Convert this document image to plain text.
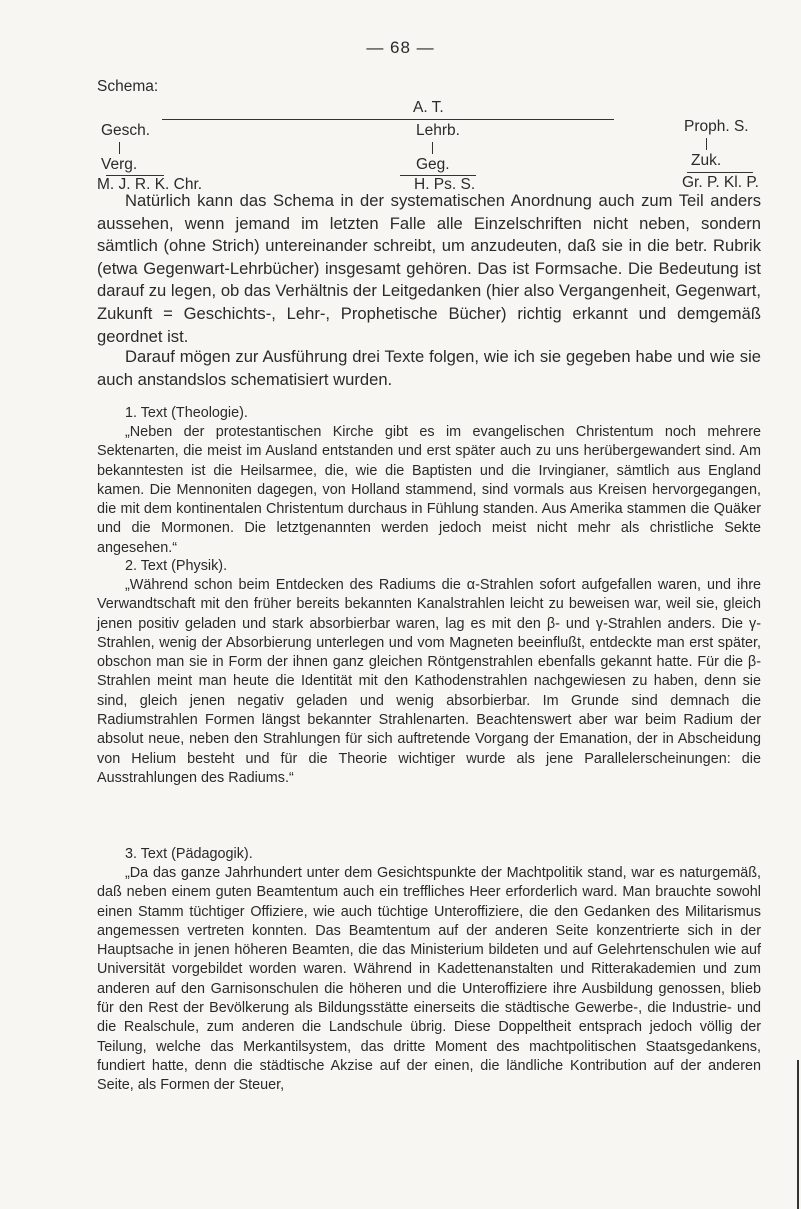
— 68 —
Schema:
A. T.
Gesch.
Verg.
M. J. R. K. Chr.
Lehrb.
Geg.
H. Ps. S.
Proph. S.
Zuk.
Gr. P. Kl. P.

Natürlich kann das Schema in der systematischen Anordnung auch zum Teil anders aussehen, wenn jemand im letzten Falle alle Einzelschriften nicht neben, sondern sämtlich (ohne Strich) untereinander schreibt, um anzudeuten, daß sie in die betr. Rubrik (etwa Gegenwart-Lehrbücher) insgesamt gehören. Das ist Formsache. Die Bedeutung ist darauf zu legen, ob das Verhältnis der Leitgedanken (hier also Vergangenheit, Gegenwart, Zukunft = Geschichts-, Lehr-, Prophetische Bücher) richtig erkannt und demgemäß geordnet ist.

Darauf mögen zur Ausführung drei Texte folgen, wie ich sie gegeben habe und wie sie auch anstandslos schematisiert wurden.

1. Text (Theologie).

„Neben der protestantischen Kirche gibt es im evangelischen Christentum noch mehrere Sektenarten, die meist im Ausland entstanden und erst später auch zu uns herübergewandert sind. Am bekanntesten ist die Heilsarmee, die, wie die Baptisten und die Irvingianer, sämtlich aus England kamen. Die Mennoniten dagegen, von Holland stammend, sind vormals aus Kreisen hervorgegangen, die mit dem kontinentalen Christentum durchaus in Fühlung standen. Aus Amerika stammen die Quäker und die Mormonen. Die letztgenannten werden jedoch meist nicht mehr als christliche Sekte angesehen.“

2. Text (Physik).

„Während schon beim Entdecken des Radiums die α-Strahlen sofort aufgefallen waren, und ihre Verwandtschaft mit den früher bereits bekannten Kanalstrahlen leicht zu beweisen war, weil sie, gleich jenen positiv geladen und stark absorbierbar waren, lag es mit den β- und γ-Strahlen anders. Die γ-Strahlen, wenig der Absorbierung unterlegen und vom Magneten beeinflußt, entdeckte man erst später, obschon man sie in Form der ihnen ganz gleichen Röntgenstrahlen ebenfalls gekannt hatte. Für die β-Strahlen meint man heute die Identität mit den Kathodenstrahlen nachgewiesen zu haben, denn sie sind, gleich jenen negativ geladen und wenig absorbierbar. Im Grunde sind demnach die Radiumstrahlen Formen längst bekannter Strahlenarten. Beachtenswert aber war beim Radium der absolut neue, neben den Strahlungen für sich auftretende Vorgang der Emanation, der in Abscheidung von Helium besteht und für die Theorie wichtiger wurde als jene Parallelerscheinungen: die Ausstrahlungen des Radiums.“

3. Text (Pädagogik).

„Da das ganze Jahrhundert unter dem Gesichtspunkte der Machtpolitik stand, war es naturgemäß, daß neben einem guten Beamtentum auch ein treffliches Heer erforderlich ward. Man brauchte sowohl einen Stamm tüchtiger Offiziere, wie auch tüchtige Unteroffiziere, die den Gedanken des Militarismus angemessen vertreten konnten. Das Beamtentum auf der anderen Seite konzentrierte sich in der Hauptsache in jenen höheren Beamten, die das Ministerium bildeten und auf Gelehrtenschulen wie auf Universität vorgebildet worden waren. Während in Kadettenanstalten und Ritterakademien und zum anderen auf den Garnisonschulen die höheren und die Unteroffiziere ihre Ausbildung genossen, blieb für den Rest der Bevölkerung als Bildungsstätte einerseits die städtische Gewerbe-, die Industrie- und die Realschule, zum anderen die Landschule übrig. Diese Doppeltheit entsprach jedoch völlig der Teilung, welche das Merkantilsystem, das dritte Moment des machtpolitischen Staatsgedankens, fundiert hatte, denn die städtische Akzise auf der einen, die ländliche Kontribution auf der anderen Seite, als Formen der Steuer,
